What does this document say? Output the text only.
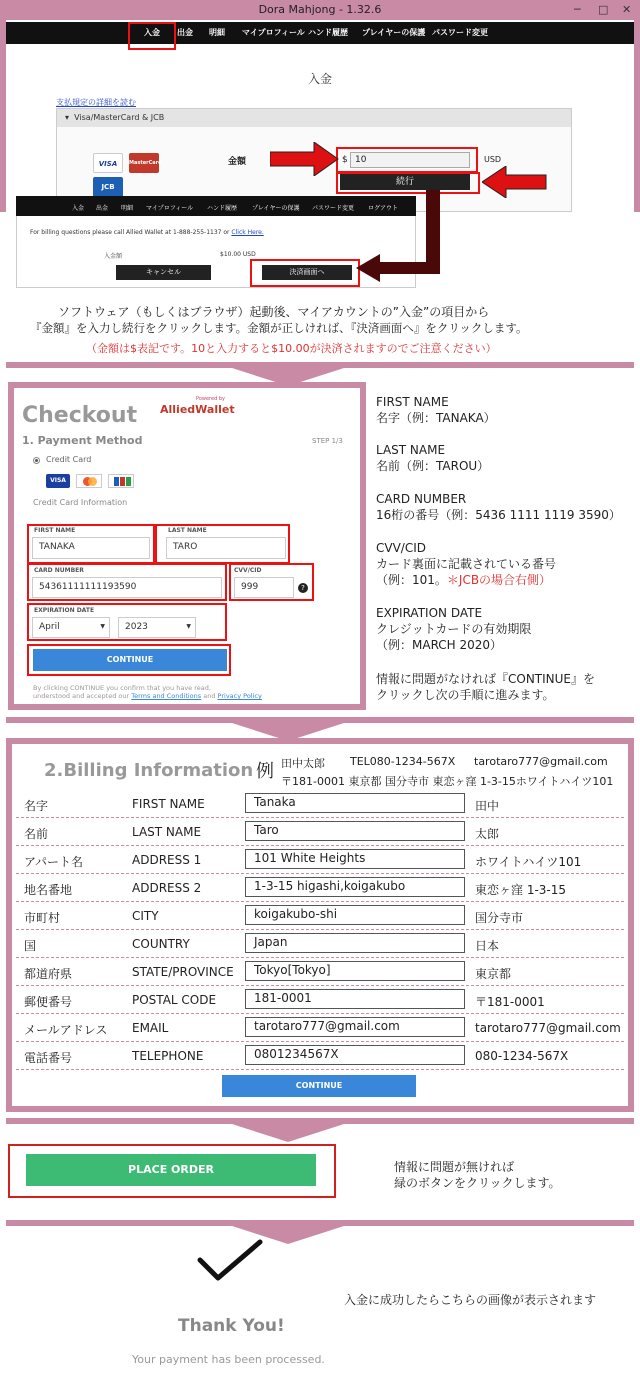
Dora Mahjong - 1.32.6	─ □ ✕
入金 出金 明細 マイプロフィール ハンド履歴 プレイヤーの保護 パスワード変更
入金
支払規定の詳細を読む
▾  Visa/MasterCard & JCB
VISA	MasterCard
JCB
金額	$ 10	USD
続行
入金 出金 明細 マイプロフィール ハンド履歴 プレイヤーの保護 パスワード変更 ログアウト
For billing questions please call Allied Wallet at 1-888-255-1137 or Click Here.
入金額	$10.00 USD
キャンセル	決済画面へ
ソフトウェア（もしくはブラウザ）起動後、マイアカウントの”入金”の項目から
『金額』を入力し続行をクリックします。金額が正しければ、『決済画面へ』をクリックします。
（金額は$表記です。10と入力すると$10.00が決済されますのでご注意ください）
Checkout
Powered by
AlliedWallet
1. Payment Method	STEP 1/3
Credit Card
VISA
Credit Card Information
FIRST NAME
TANAKA
LAST NAME
TARO
CARD NUMBER
54361111111193590
CVV/CID
999	?
EXPIRATION DATE
April	▼	2023	▼
CONTINUE
By clicking CONTINUE you confirm that you have read,
understood and accepted our Terms and Conditions and Privacy Policy
FIRST NAME
名字（例：TANAKA）
LAST NAME
名前（例：TAROU）
CARD NUMBER
16桁の番号（例：5436 1111 1119 3590）
CVV/CID
カード裏面に記載されている番号
（例：101。＊JCBの場合右側）
EXPIRATION DATE
クレジットカードの有効期限
（例：MARCH 2020）
情報に問題がなければ『CONTINUE』を
クリックし次の手順に進みます。
2.Billing Information 例 田中太郎 TEL080-1234-567X tarotaro777@gmail.com
〒181-0001 東京都 国分寺市 東恋ヶ窪 1-3-15ホワイトハイツ101
名字	FIRST NAME	Tanaka	田中
名前	LAST NAME	Taro	太郎
アパート名	ADDRESS 1	101 White Heights	ホワイトハイツ101
地名番地	ADDRESS 2	1-3-15 higashi,koigakubo	東恋ヶ窪 1-3-15
市町村	CITY	koigakubo-shi	国分寺市
国	COUNTRY	Japan	日本
都道府県	STATE/PROVINCE	Tokyo[Tokyo]	東京都
郵便番号	POSTAL CODE	181-0001	〒181-0001
メールアドレス EMAIL	tarotaro777@gmail.com	tarotaro777@gmail.com
電話番号	TELEPHONE	0801234567X	080-1234-567X
CONTINUE
PLACE ORDER	情報に問題が無ければ
緑のボタンをクリックします。
入金に成功したらこちらの画像が表示されます
Thank You!
Your payment has been processed.
